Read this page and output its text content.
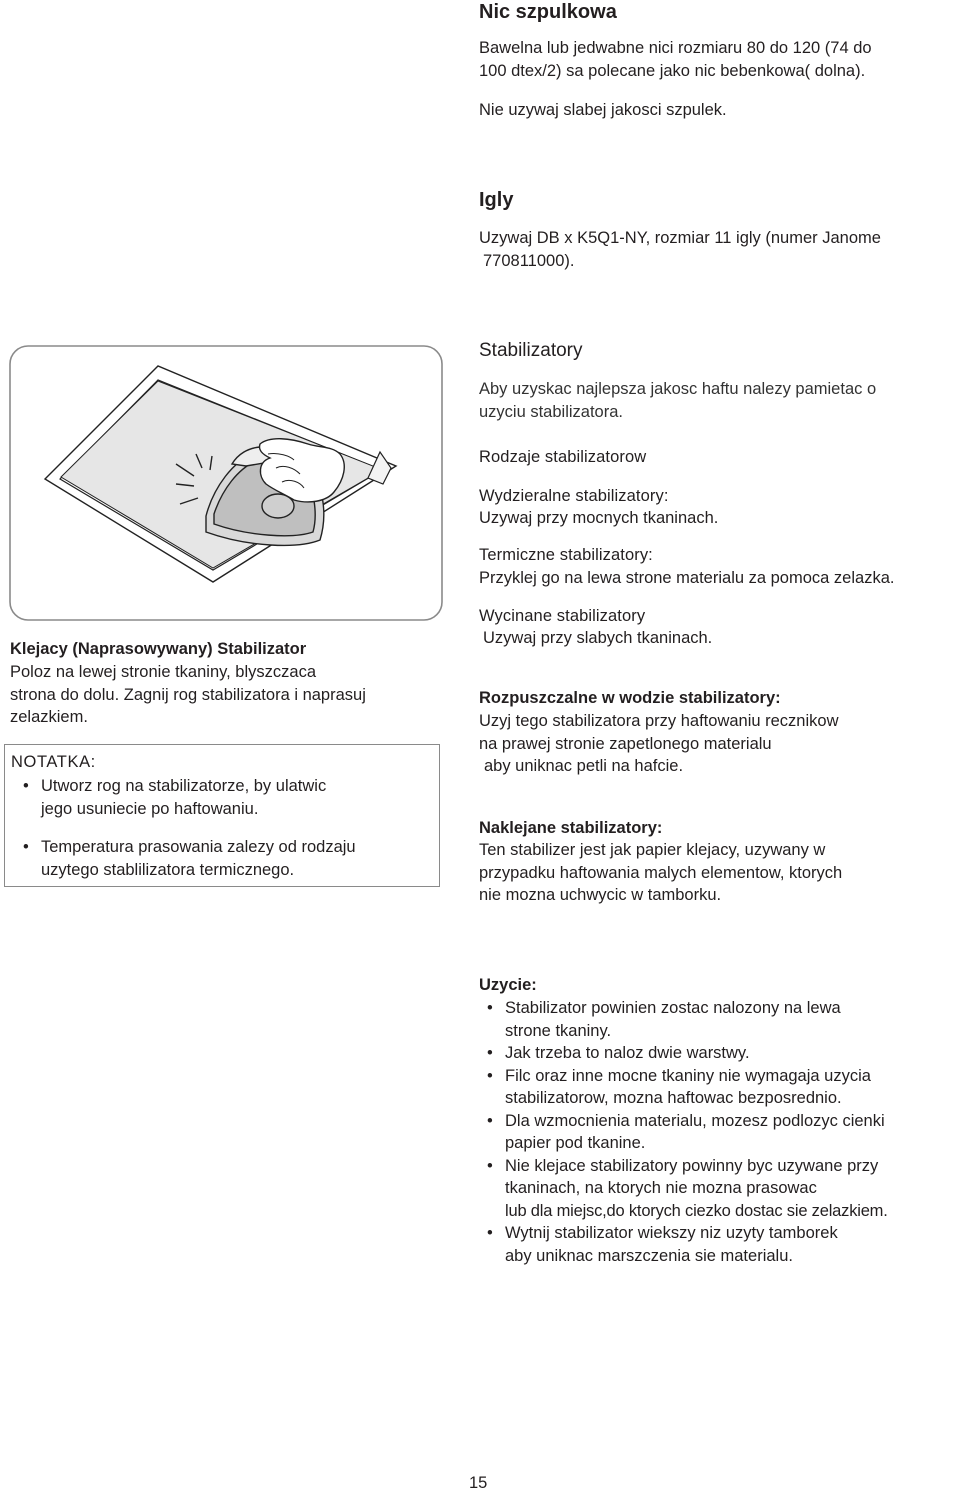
Nic szpulkowa
Bawelna lub jedwabne nici rozmiaru 80 do 120 (74 do
100 dtex/2) sa polecane jako nic bebenkowa( dolna).
Nie uzywaj slabej jakosci szpulek.
Igly
Uzywaj DB x K5Q1-NY, rozmiar 11 igly (numer Janome
770811000).
Stabilizatory
Aby uzyskac najlepsza jakosc haftu nalezy pamietac o
uzyciu stabilizatora.
Rodzaje stabilizatorow
Wydzieralne stabilizatory:
Uzywaj przy mocnych tkaninach.
Termiczne stabilizatory:
Przyklej go na lewa strone materialu za pomoca zelazka.
Wycinane stabilizatory
Uzywaj przy slabych tkaninach.
Rozpuszczalne w wodzie stabilizatory:
Uzyj tego stabilizatora przy haftowaniu recznikow
na prawej stronie zapetlonego materialu
aby uniknac petli na hafcie.
Naklejane stabilizatory:
Ten stabilizer jest jak papier klejacy, uzywany w
przypadku haftowania malych elementow, ktorych
nie mozna uchwycic w tamborku.
Klejacy (Naprasowywany) Stabilizator
Poloz na lewej stronie tkaniny, blyszczaca
strona do dolu. Zagnij rog stabilizatora i naprasuj
zelazkiem.
NOTATKA:
• Utworz rog na stabilizatorze, by ulatwic
jego usuniecie po haftowaniu.
• Temperatura prasowania zalezy od rodzaju
uzytego stablilizatora termicznego.
Uzycie:
• Stabilizator powinien zostac nalozony na lewa
strone tkaniny.
• Jak trzeba to naloz dwie warstwy.
• Filc oraz inne mocne tkaniny nie wymagaja uzycia
stabilizatorow, mozna haftowac bezposrednio.
• Dla wzmocnienia materialu, mozesz podlozyc cienki
papier pod tkanine.
• Nie klejace stabilizatory powinny byc uzywane przy
tkaninach, na ktorych nie mozna prasowac
lub dla miejsc,do ktorych ciezko dostac sie zelazkiem.
• Wytnij stabilizator wiekszy niz uzyty tamborek
aby uniknac marszczenia sie materialu.
15
